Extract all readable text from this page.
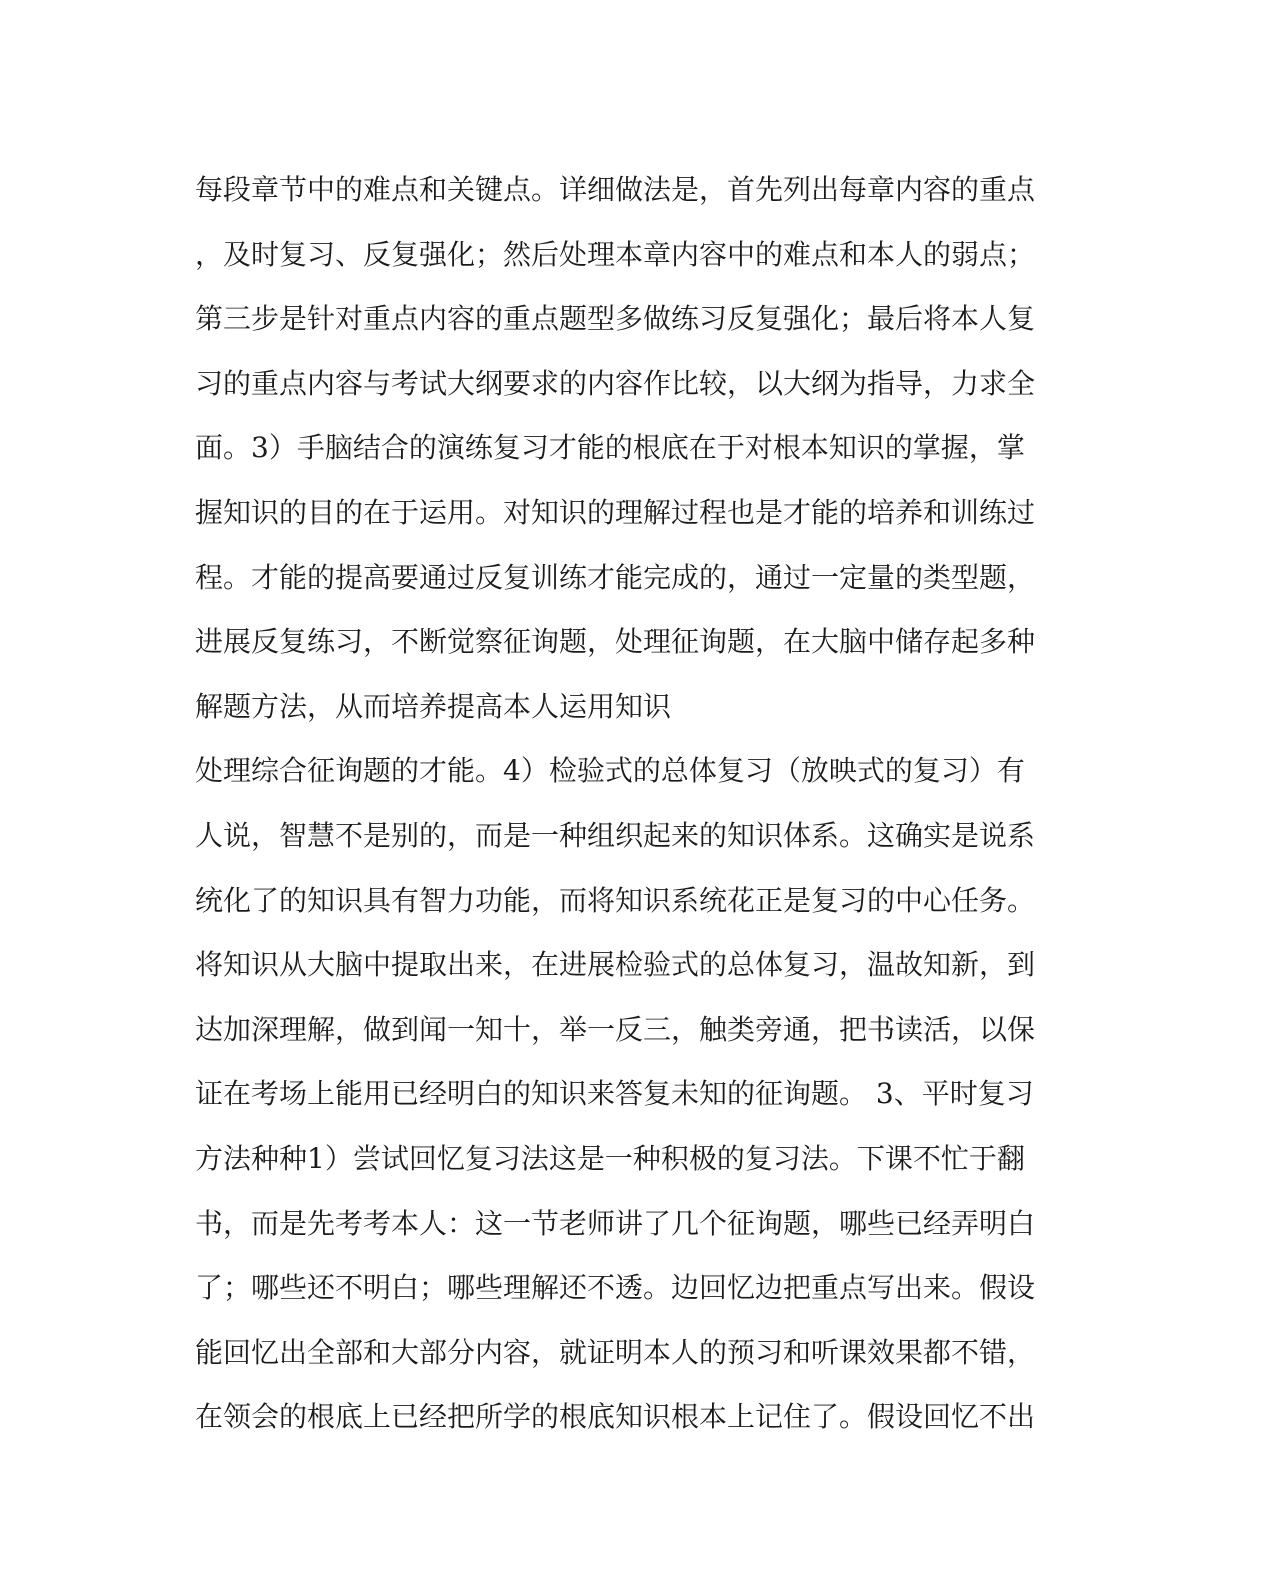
每段章节中的难点和关键点。详细做法是，首先列出每章内容的重点
，及时复习、反复强化；然后处理本章内容中的难点和本人的弱点；
第三步是针对重点内容的重点题型多做练习反复强化；最后将本人复
习的重点内容与考试大纲要求的内容作比较，以大纲为指导，力求全
面。3）手脑结合的演练复习才能的根底在于对根本知识的掌握，掌
握知识的目的在于运用。对知识的理解过程也是才能的培养和训练过
程。才能的提高要通过反复训练才能完成的，通过一定量的类型题，
进展反复练习，不断觉察征询题，处理征询题，在大脑中储存起多种
解题方法，从而培养提高本人运用知识
处理综合征询题的才能。4）检验式的总体复习（放映式的复习）有
人说，智慧不是别的，而是一种组织起来的知识体系。这确实是说系
统化了的知识具有智力功能，而将知识系统花正是复习的中心任务。
将知识从大脑中提取出来，在进展检验式的总体复习，温故知新，到
达加深理解，做到闻一知十，举一反三，触类旁通，把书读活，以保
证在考场上能用已经明白的知识来答复未知的征询题。 3、平时复习
方法种种1）尝试回忆复习法这是一种积极的复习法。下课不忙于翻
书，而是先考考本人：这一节老师讲了几个征询题，哪些已经弄明白
了；哪些还不明白；哪些理解还不透。边回忆边把重点写出来。假设
能回忆出全部和大部分内容，就证明本人的预习和听课效果都不错，
在领会的根底上已经把所学的根底知识根本上记住了。假设回忆不出
